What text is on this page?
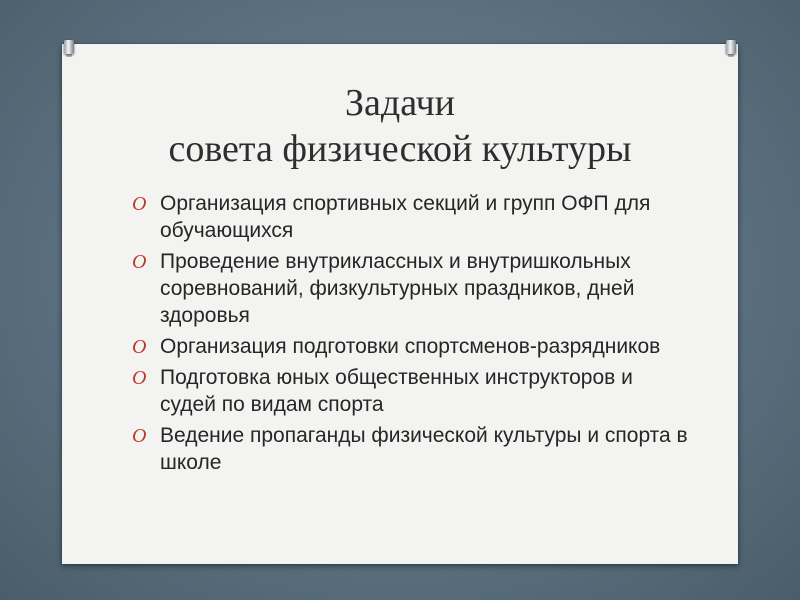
Задачи
совета физической культуры
O Организация спортивных секций и групп ОФП для обучающихся
O Проведение внутриклассных и внутришкольных соревнований, физкультурных праздников, дней здоровья
O Организация подготовки спортсменов-разрядников
O Подготовка юных общественных инструкторов и судей по видам спорта
O Ведение пропаганды физической культуры и спорта в школе
